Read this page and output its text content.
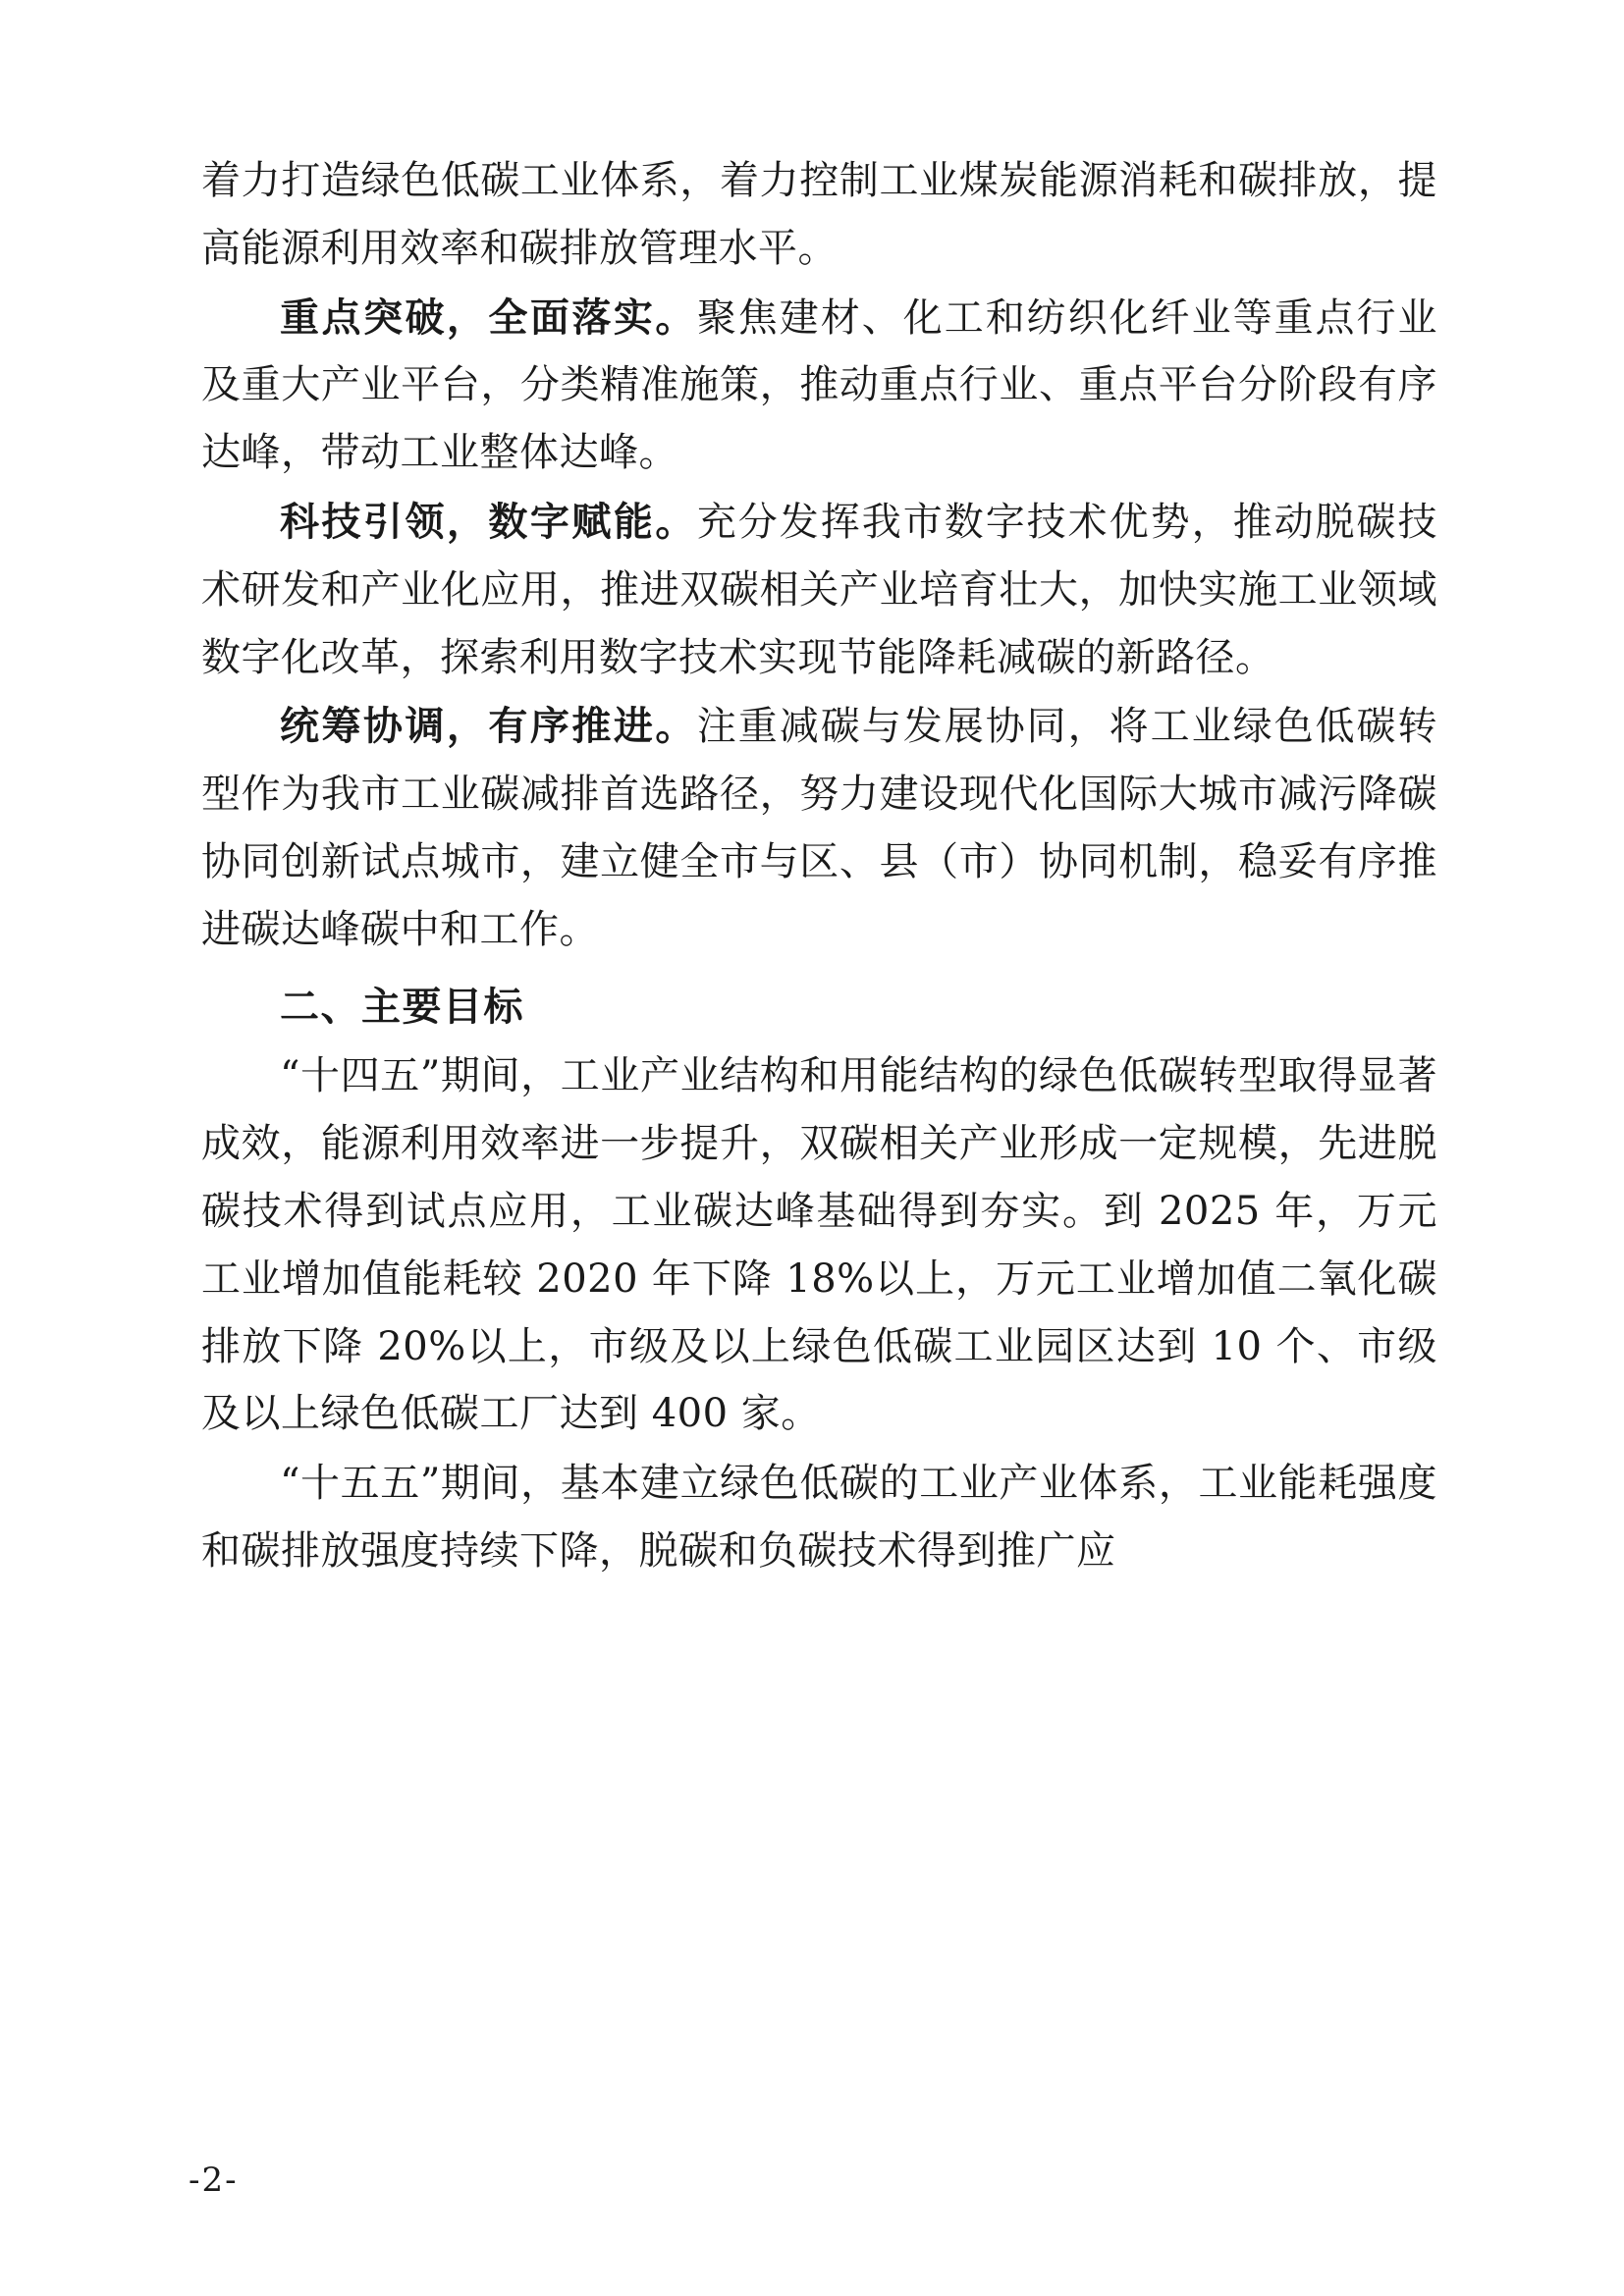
着力打造绿色低碳工业体系，着力控制工业煤炭能源消耗和碳排放，提高能源利用效率和碳排放管理水平。

重点突破，全面落实。聚焦建材、化工和纺织化纤业等重点行业及重大产业平台，分类精准施策，推动重点行业、重点平台分阶段有序达峰，带动工业整体达峰。

科技引领，数字赋能。充分发挥我市数字技术优势，推动脱碳技术研发和产业化应用，推进双碳相关产业培育壮大，加快实施工业领域数字化改革，探索利用数字技术实现节能降耗减碳的新路径。

统筹协调，有序推进。注重减碳与发展协同，将工业绿色低碳转型作为我市工业碳减排首选路径，努力建设现代化国际大城市减污降碳协同创新试点城市，建立健全市与区、县（市）协同机制，稳妥有序推进碳达峰碳中和工作。

二、主要目标

“十四五”期间，工业产业结构和用能结构的绿色低碳转型取得显著成效，能源利用效率进一步提升，双碳相关产业形成一定规模，先进脱碳技术得到试点应用，工业碳达峰基础得到夯实。到 2025 年，万元工业增加值能耗较 2020 年下降 18%以上，万元工业增加值二氧化碳排放下降 20%以上，市级及以上绿色低碳工业园区达到 10 个、市级及以上绿色低碳工厂达到 400 家。

“十五五”期间，基本建立绿色低碳的工业产业体系，工业能耗强度和碳排放强度持续下降，脱碳和负碳技术得到推广应

-2-
